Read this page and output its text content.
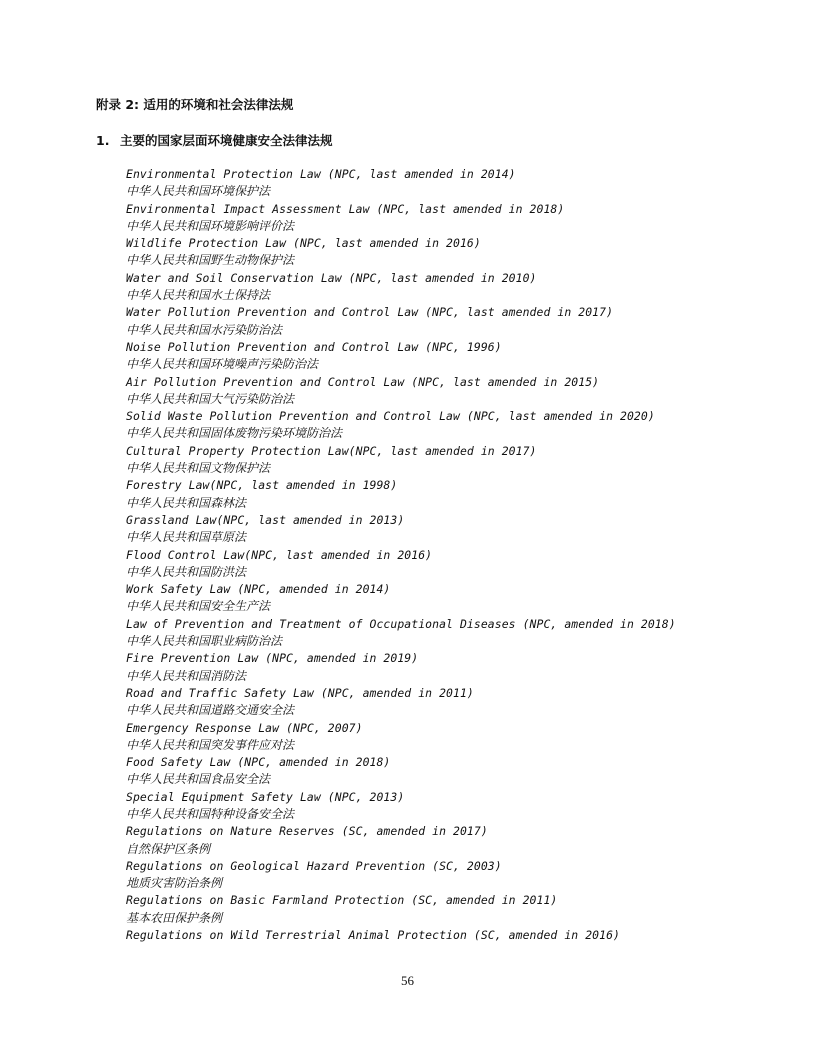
附录 2: 适用的环境和社会法律法规
1. 主要的国家层面环境健康安全法律法规
Environmental Protection Law (NPC, last amended in 2014)
中华人民共和国环境保护法
Environmental Impact Assessment Law (NPC, last amended in 2018)
中华人民共和国环境影响评价法
Wildlife Protection Law (NPC, last amended in 2016)
中华人民共和国野生动物保护法
Water and Soil Conservation Law (NPC, last amended in 2010)
中华人民共和国水土保持法
Water Pollution Prevention and Control Law (NPC, last amended in 2017)
中华人民共和国水污染防治法
Noise Pollution Prevention and Control Law (NPC, 1996)
中华人民共和国环境噪声污染防治法
Air Pollution Prevention and Control Law (NPC, last amended in 2015)
中华人民共和国大气污染防治法
Solid Waste Pollution Prevention and Control Law (NPC, last amended in 2020)
中华人民共和国固体废物污染环境防治法
Cultural Property Protection Law(NPC, last amended in 2017)
中华人民共和国文物保护法
Forestry Law(NPC, last amended in 1998)
中华人民共和国森林法
Grassland Law(NPC, last amended in 2013)
中华人民共和国草原法
Flood Control Law(NPC, last amended in 2016)
中华人民共和国防洪法
Work Safety Law (NPC, amended in 2014)
中华人民共和国安全生产法
Law of Prevention and Treatment of Occupational Diseases (NPC, amended in 2018)
中华人民共和国职业病防治法
Fire Prevention Law (NPC, amended in 2019)
中华人民共和国消防法
Road and Traffic Safety Law (NPC, amended in 2011)
中华人民共和国道路交通安全法
Emergency Response Law (NPC, 2007)
中华人民共和国突发事件应对法
Food Safety Law (NPC, amended in 2018)
中华人民共和国食品安全法
Special Equipment Safety Law (NPC, 2013)
中华人民共和国特种设备安全法
Regulations on Nature Reserves (SC, amended in 2017)
自然保护区条例
Regulations on Geological Hazard Prevention (SC, 2003)
地质灾害防治条例
Regulations on Basic Farmland Protection (SC, amended in 2011)
基本农田保护条例
Regulations on Wild Terrestrial Animal Protection (SC, amended in 2016)

56
